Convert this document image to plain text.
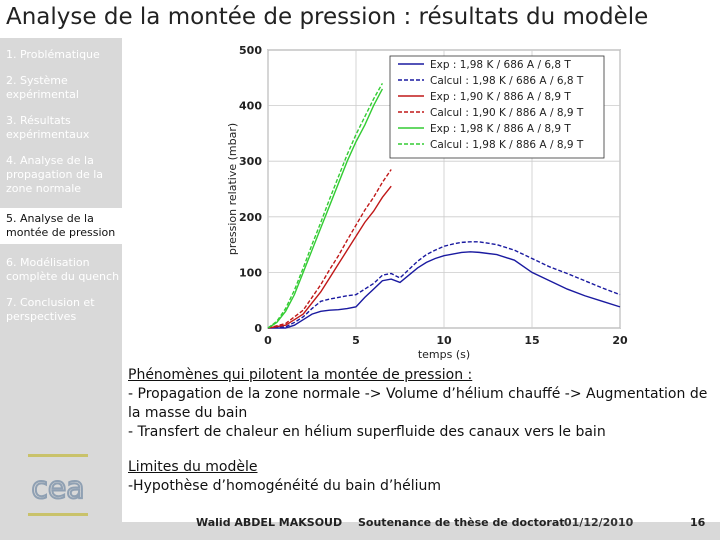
Analyse de la montée de pression : résultats du modèle
1. Problématique
2. Système expérimental
3. Résultats expérimentaux
4. Analyse de la propagation de la zone normale
5. Analyse de la montée de pression
6. Modélisation complète du quench
7. Conclusion et perspectives
cea
0	5	10	15	20
0
100
200
300
400
500
temps (s)
pression relative (mbar)
Exp : 1,98 K / 686 A / 6,8 T
Calcul : 1,98 K / 686 A / 6,8 T
Exp : 1,90 K / 886 A / 8,9 T
Calcul : 1,90 K / 886 A / 8,9 T
Exp : 1,98 K / 886 A / 8,9 T
Calcul : 1,98 K / 886 A / 8,9 T

Phénomènes qui pilotent la montée de pression :

- Propagation de la zone normale -> Volume d’hélium chauffé -> Augmentation de la masse du bain

- Transfert de chaleur en hélium superfluide des canaux vers le bain

Limites du modèle

-Hypothèse d’homogénéité du bain d’hélium

Walid ABDEL MAKSOUD Soutenance de thèse de doctorat 01/12/2010	16
